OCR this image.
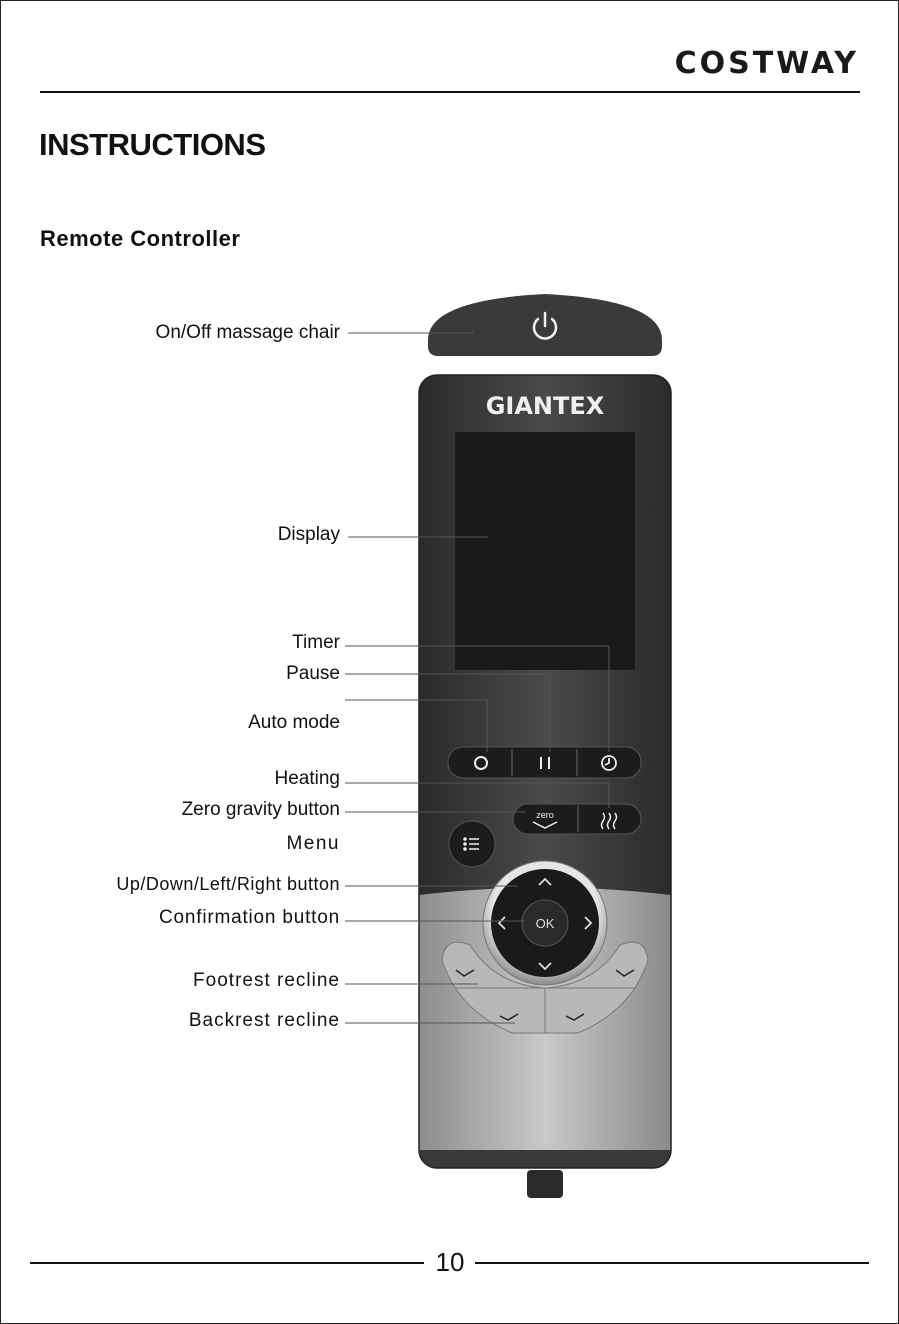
COSTWAY
INSTRUCTIONS
Remote Controller
GIANTEX
zero
OK
On/Off massage chair
Display
Timer
Pause
Auto mode
Heating
Zero gravity button
Menu
Up/Down/Left/Right button
Confirmation button
Footrest recline
Backrest recline
10
